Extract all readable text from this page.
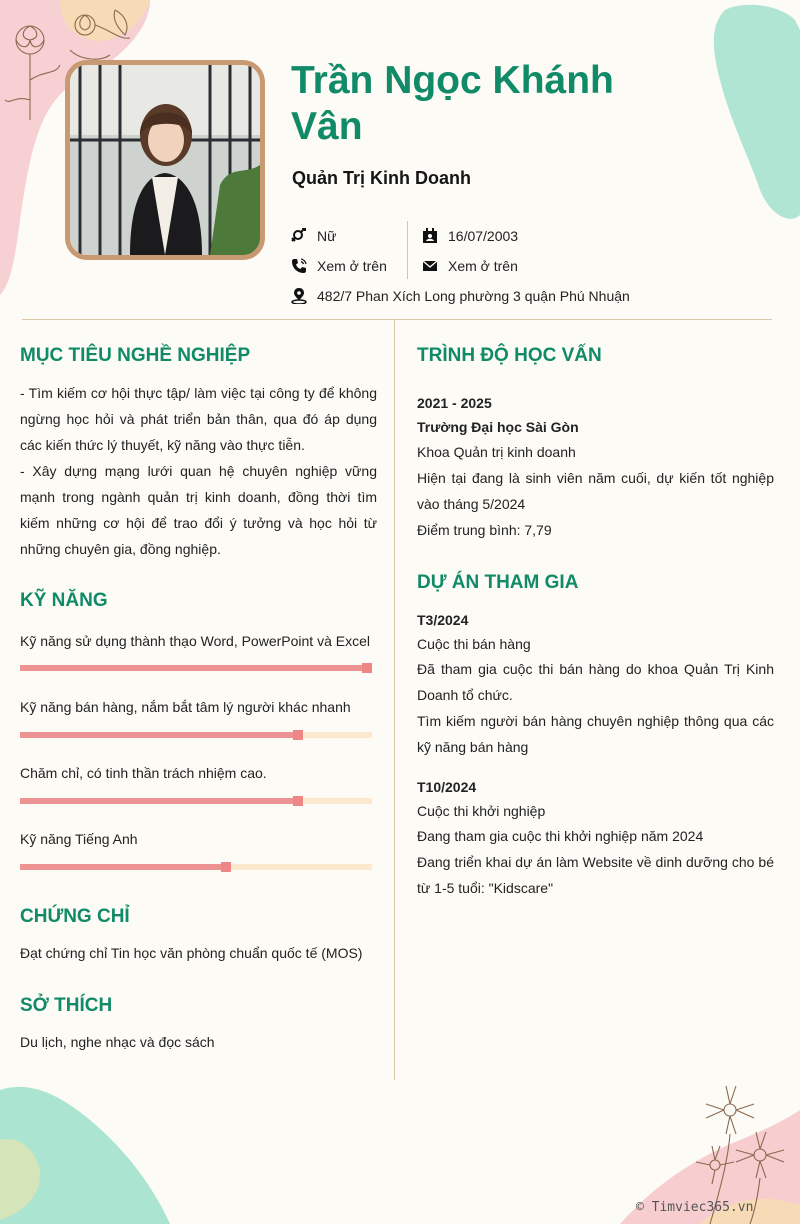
Trần Ngọc Khánh Vân
Quản Trị Kinh Doanh
Nữ	16/07/2003
Xem ở trên	Xem ở trên
482/7 Phan Xích Long phường 3 quận Phú Nhuận
MỤC TIÊU NGHỀ NGHIỆP
- Tìm kiếm cơ hội thực tập/ làm việc tại công ty để không ngừng học hỏi và phát triển bản thân, qua đó áp dụng các kiến thức lý thuyết, kỹ năng vào thực tiễn.
- Xây dựng mạng lưới quan hệ chuyên nghiệp vững mạnh trong ngành quản trị kinh doanh, đồng thời tìm kiếm những cơ hội để trao đổi ý tưởng và học hỏi từ những chuyên gia, đồng nghiệp.
KỸ NĂNG
Kỹ năng sử dụng thành thạo Word, PowerPoint và Excel
Kỹ năng bán hàng, nắm bắt tâm lý người khác nhanh
Chăm chỉ, có tinh thần trách nhiệm cao.
Kỹ năng Tiếng Anh
CHỨNG CHỈ
Đạt chứng chỉ Tin học văn phòng chuẩn quốc tế (MOS)
SỞ THÍCH
Du lịch, nghe nhạc và đọc sách
TRÌNH ĐỘ HỌC VẤN
2021 - 2025
Trường Đại học Sài Gòn
Khoa Quản trị kinh doanh
Hiện tại đang là sinh viên năm cuối, dự kiến tốt nghiệp vào tháng 5/2024
Điểm trung bình: 7,79
DỰ ÁN THAM GIA
T3/2024
Cuộc thi bán hàng
Đã tham gia cuộc thi bán hàng do khoa Quản Trị Kinh Doanh tổ chức.
Tìm kiếm người bán hàng chuyên nghiệp thông qua các kỹ năng bán hàng
T10/2024
Cuộc thi khởi nghiệp
Đang tham gia cuộc thi khởi nghiệp năm 2024
Đang triển khai dự án làm Website về dinh dưỡng cho bé từ 1-5 tuổi: "Kidscare"
© Timviec365.vn
